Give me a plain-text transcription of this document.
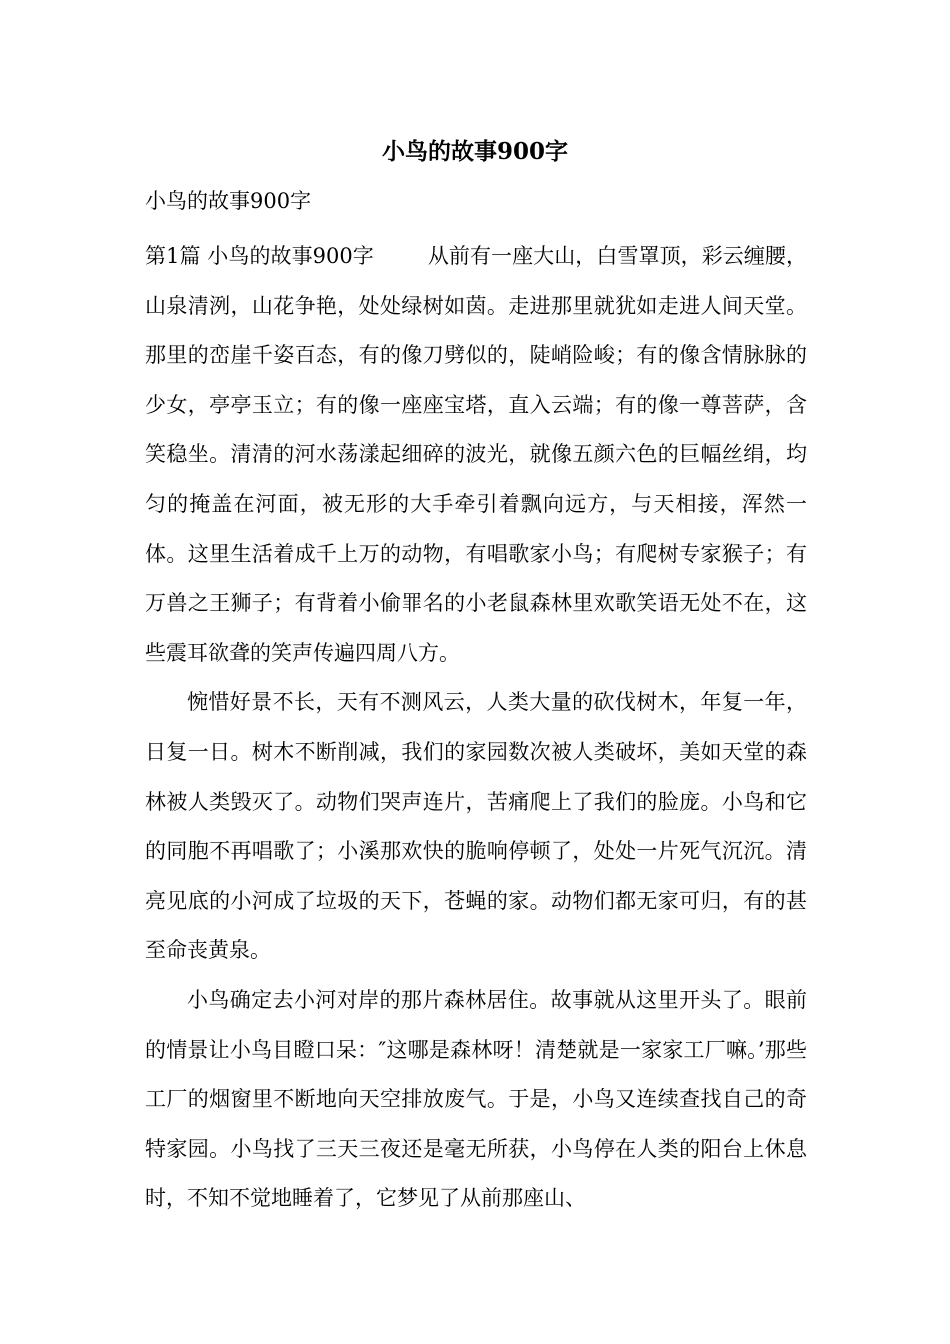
小鸟的故事900字

小鸟的故事900字

第1篇 小鸟的故事900字        从前有一座大山，白雪罩顶，彩云缠腰，山泉清洌，山花争艳，处处绿树如茵。走进那里就犹如走进人间天堂。那里的峦崖千姿百态，有的像刀劈似的，陡峭险峻；有的像含情脉脉的少女，亭亭玉立；有的像一座座宝塔，直入云端；有的像一尊菩萨，含笑稳坐。清清的河水荡漾起细碎的波光，就像五颜六色的巨幅丝绢，均匀的掩盖在河面，被无形的大手牵引着飘向远方，与天相接，浑然一体。这里生活着成千上万的动物，有唱歌家小鸟；有爬树专家猴子；有万兽之王狮子；有背着小偷罪名的小老鼠森林里欢歌笑语无处不在，这些震耳欲聋的笑声传遍四周八方。

惋惜好景不长，天有不测风云，人类大量的砍伐树木，年复一年，日复一日。树木不断削减，我们的家园数次被人类破坏，美如天堂的森林被人类毁灭了。动物们哭声连片，苦痛爬上了我们的脸庞。小鸟和它的同胞不再唱歌了；小溪那欢快的脆响停顿了，处处一片死气沉沉。清亮见底的小河成了垃圾的天下，苍蝇的家。动物们都无家可归，有的甚至命丧黄泉。

小鸟确定去小河对岸的那片森林居住。故事就从这里开头了。眼前的情景让小鸟目瞪口呆：″这哪是森林呀！清楚就是一家家工厂嘛。’那些工厂的烟窗里不断地向天空排放废气。于是，小鸟又连续查找自己的奇特家园。小鸟找了三天三夜还是毫无所获，小鸟停在人类的阳台上休息时，不知不觉地睡着了，它梦见了从前那座山、
